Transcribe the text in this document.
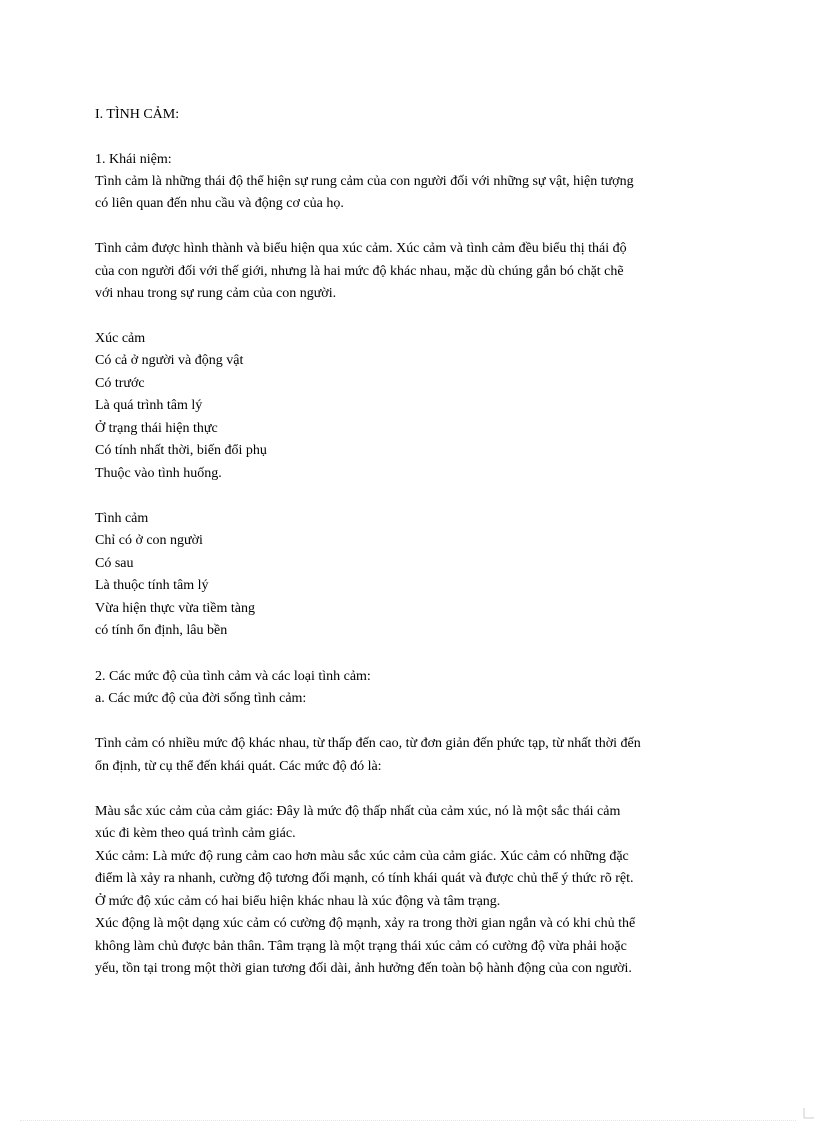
I. TÌNH CẢM:
1. Khái niệm:
Tình cảm là những thái độ thể hiện sự rung cảm của con người đối với những sự vật, hiện tượng
có liên quan đến nhu cầu và động cơ của họ.
Tình cảm được hình thành và biểu hiện qua xúc cảm. Xúc cảm và tình cảm đều biểu thị thái độ
của con người đối với thế giới, nhưng là hai mức độ khác nhau, mặc dù chúng gắn bó chặt chẽ
với nhau trong sự rung cảm của con người.
Xúc cảm
Có cả ở người và động vật
Có trước
Là quá trình tâm lý
Ở trạng thái hiện thực
Có tính nhất thời, biến đổi phụ
Thuộc vào tình huống.
Tình cảm
Chỉ có ở con người
Có sau
Là thuộc tính tâm lý
Vừa hiện thực vừa tiềm tàng
có tính ổn định, lâu bền
2. Các mức độ của tình cảm và các loại tình cảm:
a. Các mức độ của đời sống tình cảm:
Tình cảm có nhiều mức độ khác nhau, từ thấp đến cao, từ đơn giản đến phức tạp, từ nhất thời đến
ổn định, từ cụ thể đến khái quát. Các mức độ đó là:
Màu sắc xúc cảm của cảm giác: Đây là mức độ thấp nhất của cảm xúc, nó là một sắc thái cảm
xúc đi kèm theo quá trình cảm giác.
Xúc cảm: Là mức độ rung cảm cao hơn màu sắc xúc cảm của cảm giác. Xúc cảm có những đặc
điểm là xảy ra nhanh, cường độ tương đối mạnh, có tính khái quát và được chủ thể ý thức rõ rệt.
Ở mức độ xúc cảm có hai biểu hiện khác nhau là xúc động và tâm trạng.
Xúc động là một dạng xúc cảm có cường độ mạnh, xảy ra trong thời gian ngắn và có khi chủ thể
không làm chủ được bản thân. Tâm trạng là một trạng thái xúc cảm có cường độ vừa phải hoặc
yếu, tồn tại trong một thời gian tương đối dài, ảnh hưởng đến toàn bộ hành động của con người.
